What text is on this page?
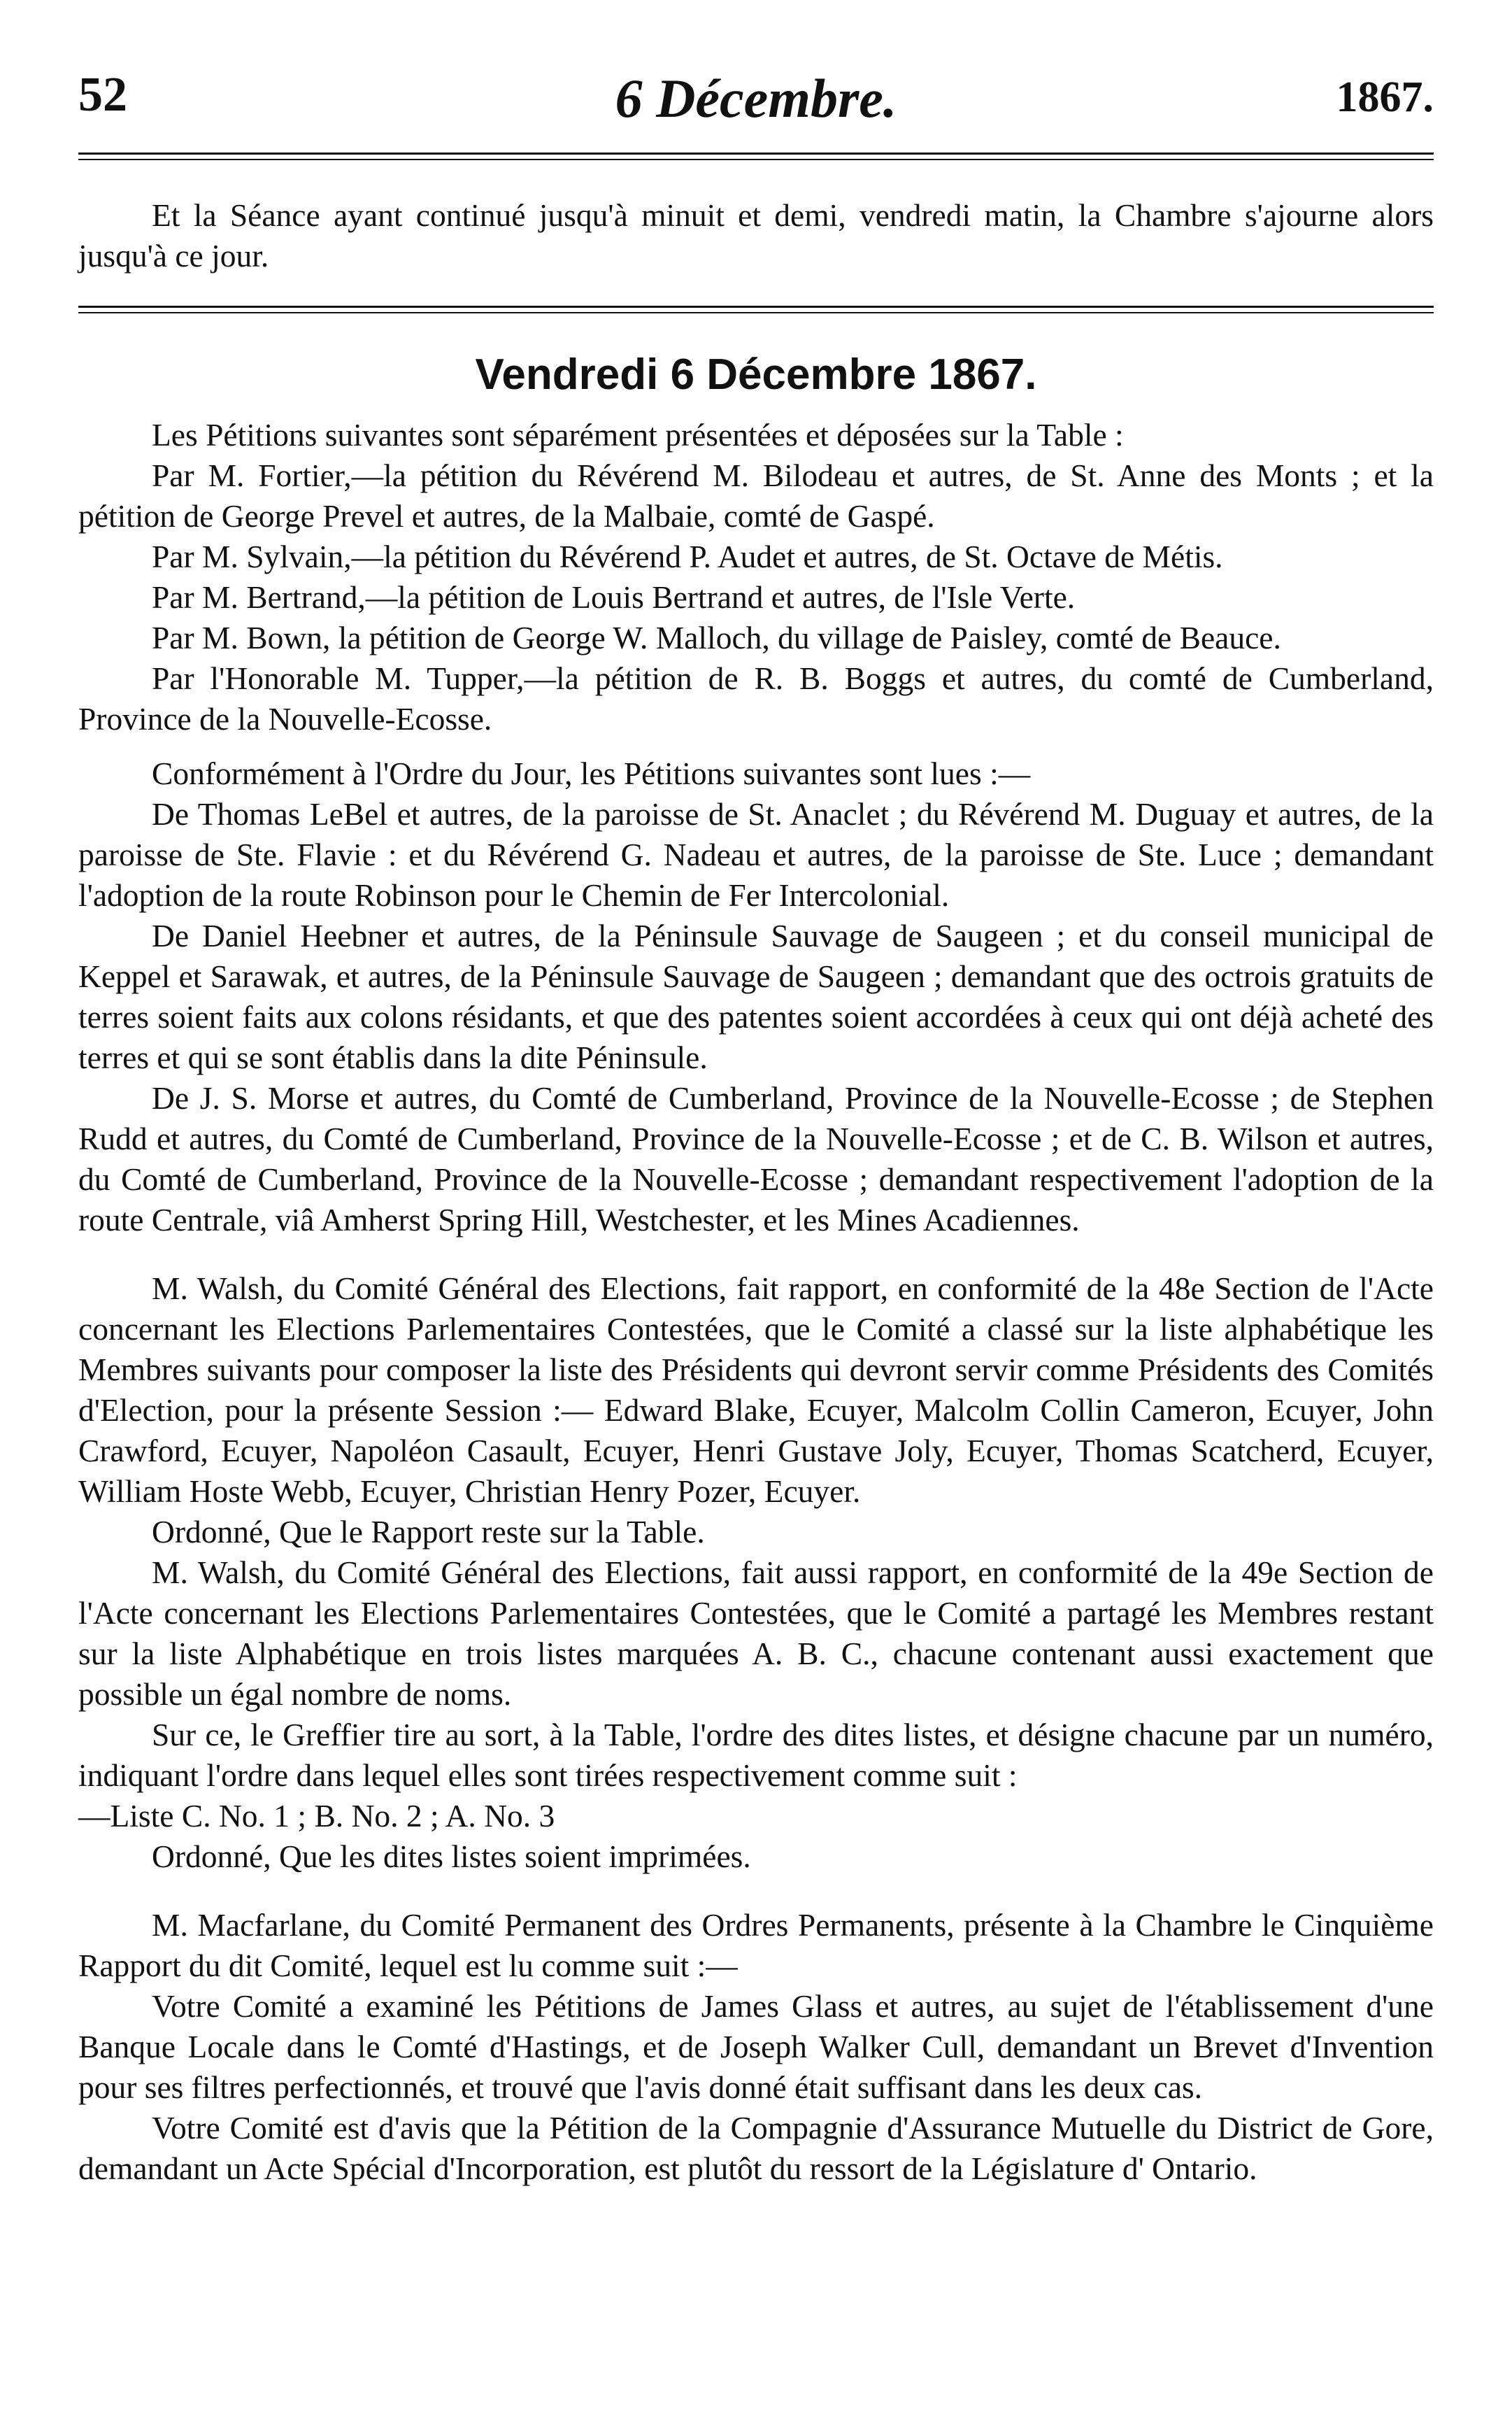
52	6 Décembre.	1867.

Et la Séance ayant continué jusqu'à minuit et demi, vendredi matin, la Chambre s'ajourne alors jusqu'à ce jour.

Vendredi 6 Décembre 1867.

Les Pétitions suivantes sont séparément présentées et déposées sur la Table :

Par M. Fortier,—la pétition du Révérend M. Bilodeau et autres, de St. Anne des Monts ; et la pétition de George Prevel et autres, de la Malbaie, comté de Gaspé.

Par M. Sylvain,—la pétition du Révérend P. Audet et autres, de St. Octave de Métis.

Par M. Bertrand,—la pétition de Louis Bertrand et autres, de l'Isle Verte.

Par M. Bown, la pétition de George W. Malloch, du village de Paisley, comté de Beauce.

Par l'Honorable M. Tupper,—la pétition de R. B. Boggs et autres, du comté de Cumberland, Province de la Nouvelle-Ecosse.

Conformément à l'Ordre du Jour, les Pétitions suivantes sont lues :—

De Thomas LeBel et autres, de la paroisse de St. Anaclet ; du Révérend M. Duguay et autres, de la paroisse de Ste. Flavie : et du Révérend G. Nadeau et autres, de la paroisse de Ste. Luce ; demandant l'adoption de la route Robinson pour le Chemin de Fer Intercolonial.

De Daniel Heebner et autres, de la Péninsule Sauvage de Saugeen ; et du conseil municipal de Keppel et Sarawak, et autres, de la Péninsule Sauvage de Saugeen ; demandant que des octrois gratuits de terres soient faits aux colons résidants, et que des patentes soient accordées à ceux qui ont déjà acheté des terres et qui se sont établis dans la dite Péninsule.

De J. S. Morse et autres, du Comté de Cumberland, Province de la Nouvelle-Ecosse ; de Stephen Rudd et autres, du Comté de Cumberland, Province de la Nouvelle-Ecosse ; et de C. B. Wilson et autres, du Comté de Cumberland, Province de la Nouvelle-Ecosse ; demandant respectivement l'adoption de la route Centrale, viâ Amherst Spring Hill, Westchester, et les Mines Acadiennes.

M. Walsh, du Comité Général des Elections, fait rapport, en conformité de la 48e Section de l'Acte concernant les Elections Parlementaires Contestées, que le Comité a classé sur la liste alphabétique les Membres suivants pour composer la liste des Présidents qui devront servir comme Présidents des Comités d'Election, pour la présente Session :— Edward Blake, Ecuyer, Malcolm Collin Cameron, Ecuyer, John Crawford, Ecuyer, Napoléon Casault, Ecuyer, Henri Gustave Joly, Ecuyer, Thomas Scatcherd, Ecuyer, William Hoste Webb, Ecuyer, Christian Henry Pozer, Ecuyer.

Ordonné, Que le Rapport reste sur la Table.

M. Walsh, du Comité Général des Elections, fait aussi rapport, en conformité de la 49e Section de l'Acte concernant les Elections Parlementaires Contestées, que le Comité a partagé les Membres restant sur la liste Alphabétique en trois listes marquées A. B. C., chacune contenant aussi exactement que possible un égal nombre de noms.

Sur ce, le Greffier tire au sort, à la Table, l'ordre des dites listes, et désigne chacune par un numéro, indiquant l'ordre dans lequel elles sont tirées respectivement comme suit :

—Liste C. No. 1 ; B. No. 2 ; A. No. 3

Ordonné, Que les dites listes soient imprimées.

M. Macfarlane, du Comité Permanent des Ordres Permanents, présente à la Chambre le Cinquième Rapport du dit Comité, lequel est lu comme suit :—

Votre Comité a examiné les Pétitions de James Glass et autres, au sujet de l'établissement d'une Banque Locale dans le Comté d'Hastings, et de Joseph Walker Cull, demandant un Brevet d'Invention pour ses filtres perfectionnés, et trouvé que l'avis donné était suffisant dans les deux cas.

Votre Comité est d'avis que la Pétition de la Compagnie d'Assurance Mutuelle du District de Gore, demandant un Acte Spécial d'Incorporation, est plutôt du ressort de la Législature d' Ontario.
